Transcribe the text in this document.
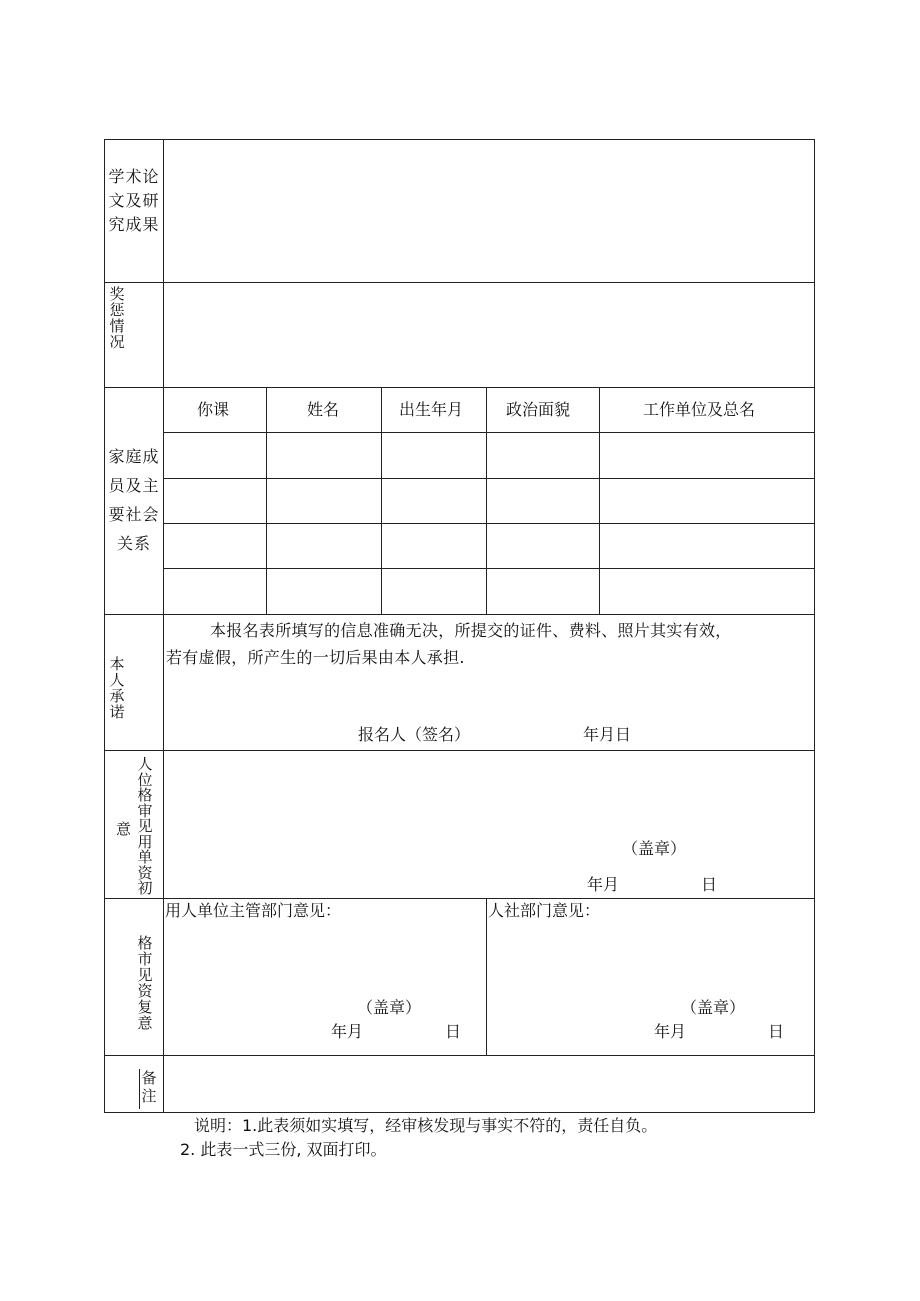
学术论文及研究成果
奖惩情况
家庭成员及主要社会关系
你课	姓名	出生年月	政治面貌	工作单位及总名
本人承诺
本报名表所填写的信息准确无决，所提交的证件、费料、照片其实有效，
若有虚假，所产生的一切后果由本人承担.
报名人（签名）	年月日
人位格审见用单资初
意
（盖章）
年月	日
格市见资复意
用人单位主管部门意见：
（盖章）
年月	日
人社部门意见：
（盖章）
年月	日
备注
说明：1.此表须如实填写，经审核发现与事实不符的，责任自负。
2. 此表一式三份, 双面打印。
